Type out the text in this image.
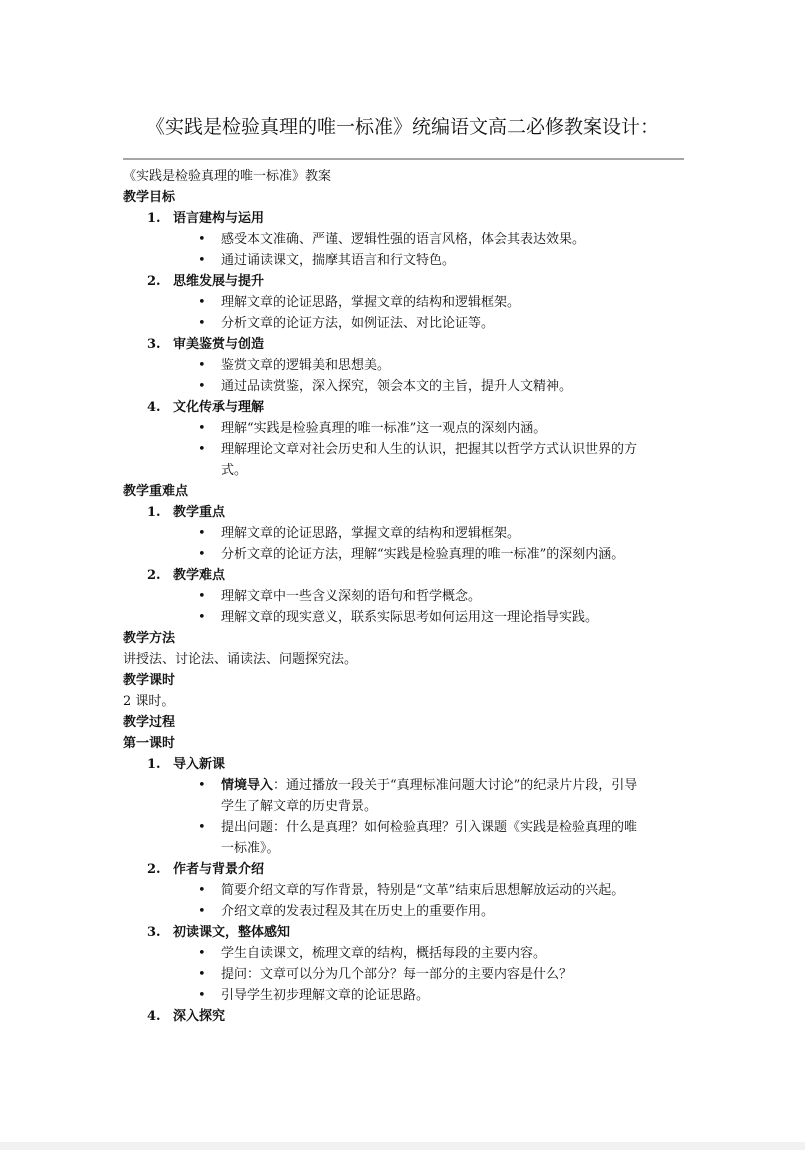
《实践是检验真理的唯一标准》统编语文高二必修教案设计：
《实践是检验真理的唯一标准》教案
教学目标
1. 语言建构与运用
• 感受本文准确、严谨、逻辑性强的语言风格，体会其表达效果。
• 通过诵读课文，揣摩其语言和行文特色。
2. 思维发展与提升
• 理解文章的论证思路，掌握文章的结构和逻辑框架。
• 分析文章的论证方法，如例证法、对比论证等。
3. 审美鉴赏与创造
• 鉴赏文章的逻辑美和思想美。
• 通过品读赏鉴，深入探究，领会本文的主旨，提升人文精神。
4. 文化传承与理解
• 理解“实践是检验真理的唯一标准”这一观点的深刻内涵。
• 理解理论文章对社会历史和人生的认识，把握其以哲学方式认识世界的方
式。
教学重难点
1. 教学重点
• 理解文章的论证思路，掌握文章的结构和逻辑框架。
• 分析文章的论证方法，理解“实践是检验真理的唯一标准”的深刻内涵。
2. 教学难点
• 理解文章中一些含义深刻的语句和哲学概念。
• 理解文章的现实意义，联系实际思考如何运用这一理论指导实践。
教学方法
讲授法、讨论法、诵读法、问题探究法。
教学课时
2 课时。
教学过程
第一课时
1. 导入新课
• 情境导入：通过播放一段关于“真理标准问题大讨论”的纪录片片段，引导
学生了解文章的历史背景。
• 提出问题：什么是真理？如何检验真理？引入课题《实践是检验真理的唯
一标准》。
2. 作者与背景介绍
• 简要介绍文章的写作背景，特别是“文革”结束后思想解放运动的兴起。
• 介绍文章的发表过程及其在历史上的重要作用。
3. 初读课文，整体感知
• 学生自读课文，梳理文章的结构，概括每段的主要内容。
• 提问：文章可以分为几个部分？每一部分的主要内容是什么？
• 引导学生初步理解文章的论证思路。
4. 深入探究
